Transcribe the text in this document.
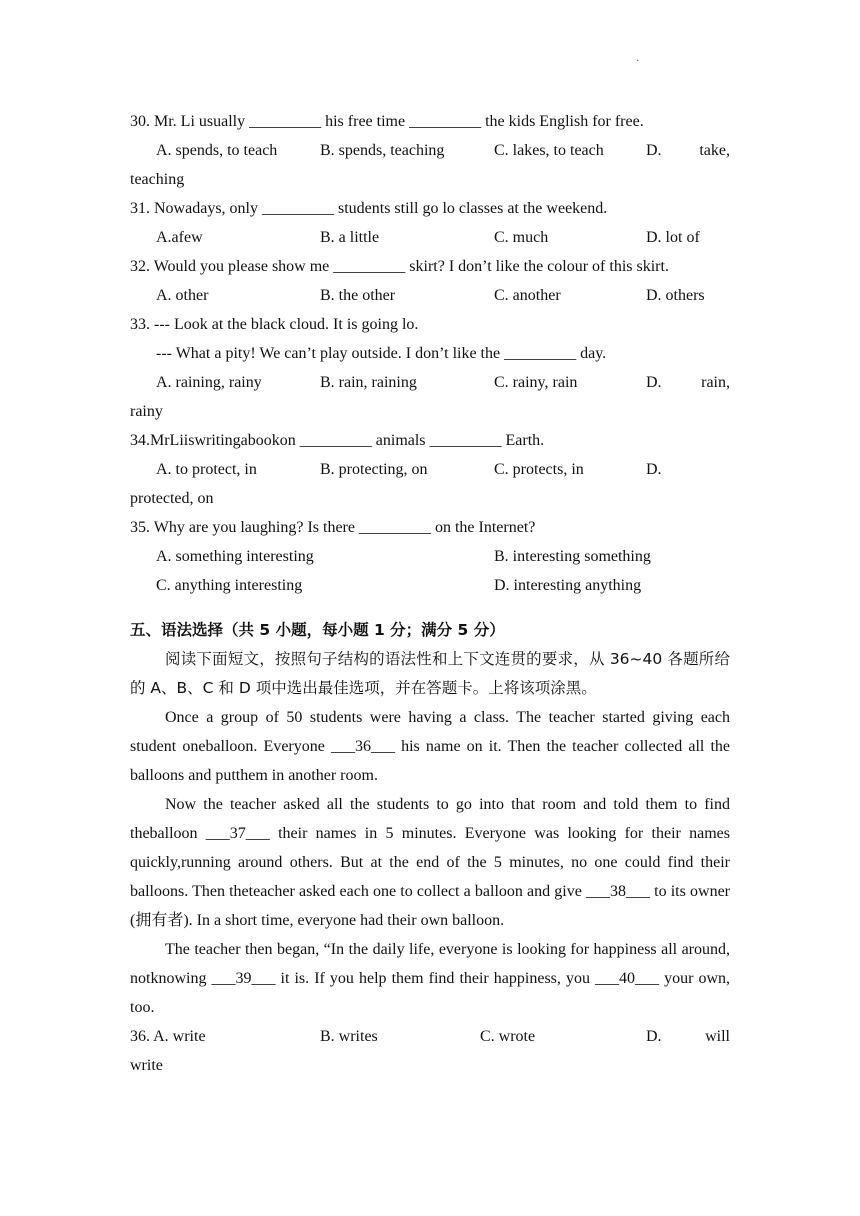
·
30. Mr. Li usually _________ his free time _________ the kids English for free.
A. spends, to teach	B. spends, teaching	C. lakes, to teach	D. take,
teaching
31. Nowadays, only _________ students still go lo classes at the weekend.
A.afew	B. a little	C. much	D. lot of
32. Would you please show me _________ skirt? I don’t like the colour of this skirt.
A. other	B. the other	C. another	D. others
33. --- Look at the black cloud. It is going lo.
--- What a pity! We can’t play outside. I don’t like the _________ day.
A. raining, rainy	B. rain, raining	C. rainy, rain	D. rain,
rainy
34.MrLiiswritingabookon _________ animals _________ Earth.
A. to protect, in	B. protecting, on	C. protects, in	D.
protected, on
35. Why are you laughing? Is there _________ on the Internet?
A. something interesting	B. interesting something
C. anything interesting	D. interesting anything
五、语法选择（共 5 小题，每小题 1 分；满分 5 分）

阅读下面短文，按照句子结构的语法性和上下文连贯的要求，从 36~40 各题所给的 A、B、C 和 D 项中选出最佳选项，并在答题卡。上将该项涂黑。

Once a group of 50 students were having a class. The teacher started giving each student oneballoon. Everyone ___36___ his name on it. Then the teacher collected all the balloons and putthem in another room.

Now the teacher asked all the students to go into that room and told them to find theballoon ___37___ their names in 5 minutes. Everyone was looking for their names quickly,running around others. But at the end of the 5 minutes, no one could find their balloons. Then theteacher asked each one to collect a balloon and give ___38___ to its owner (拥有者). In a short time, everyone had their own balloon.

The teacher then began, “In the daily life, everyone is looking for happiness all around, notknowing ___39___ it is. If you help them find their happiness, you ___40___ your own, too.

36. A. write	B. writes	C. wrote	D.	will
write
